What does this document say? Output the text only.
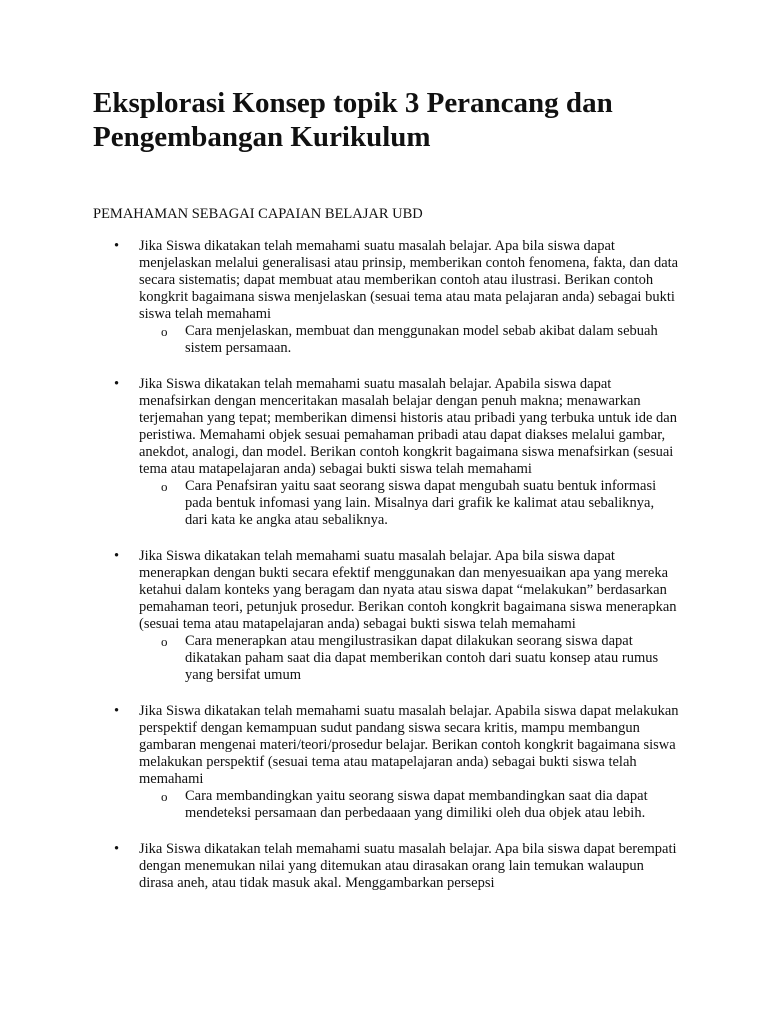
Eksplorasi Konsep topik 3 Perancang dan Pengembangan Kurikulum

PEMAHAMAN SEBAGAI CAPAIAN BELAJAR UBD

• Jika Siswa dikatakan telah memahami suatu masalah belajar. Apa bila siswa dapat menjelaskan melalui generalisasi atau prinsip, memberikan contoh fenomena, fakta, dan data secara sistematis; dapat membuat atau memberikan contoh atau ilustrasi. Berikan contoh kongkrit bagaimana siswa menjelaskan (sesuai tema atau mata pelajaran anda) sebagai bukti siswa telah memahami

o Cara menjelaskan, membuat dan menggunakan model sebab akibat dalam sebuah sistem persamaan.

• Jika Siswa dikatakan telah memahami suatu masalah belajar. Apabila siswa dapat menafsirkan dengan menceritakan masalah belajar dengan penuh makna; menawarkan terjemahan yang tepat; memberikan dimensi historis atau pribadi yang terbuka untuk ide dan peristiwa. Memahami objek sesuai pemahaman pribadi atau dapat diakses melalui gambar, anekdot, analogi, dan model. Berikan contoh kongkrit bagaimana siswa menafsirkan (sesuai tema atau matapelajaran anda) sebagai bukti siswa telah memahami

o Cara Penafsiran yaitu saat seorang siswa dapat mengubah suatu bentuk informasi pada bentuk infomasi yang lain. Misalnya dari grafik ke kalimat atau sebaliknya, dari kata ke angka atau sebaliknya.

• Jika Siswa dikatakan telah memahami suatu masalah belajar. Apa bila siswa dapat menerapkan dengan bukti secara efektif menggunakan dan menyesuaikan apa yang mereka ketahui dalam konteks yang beragam dan nyata atau siswa dapat “melakukan” berdasarkan pemahaman teori, petunjuk prosedur. Berikan contoh kongkrit bagaimana siswa menerapkan (sesuai tema atau matapelajaran anda) sebagai bukti siswa telah memahami

o Cara menerapkan atau mengilustrasikan dapat dilakukan seorang siswa dapat dikatakan paham saat dia dapat memberikan contoh dari suatu konsep atau rumus yang bersifat umum

• Jika Siswa dikatakan telah memahami suatu masalah belajar. Apabila siswa dapat melakukan perspektif dengan kemampuan sudut pandang siswa secara kritis, mampu membangun gambaran mengenai materi/teori/prosedur belajar. Berikan contoh kongkrit bagaimana siswa melakukan perspektif (sesuai tema atau matapelajaran anda) sebagai bukti siswa telah memahami

o Cara membandingkan yaitu seorang siswa dapat membandingkan saat dia dapat mendeteksi persamaan dan perbedaaan yang dimiliki oleh dua objek atau lebih.

• Jika Siswa dikatakan telah memahami suatu masalah belajar. Apa bila siswa dapat berempati dengan menemukan nilai yang ditemukan atau dirasakan orang lain temukan walaupun dirasa aneh, atau tidak masuk akal. Menggambarkan persepsi
